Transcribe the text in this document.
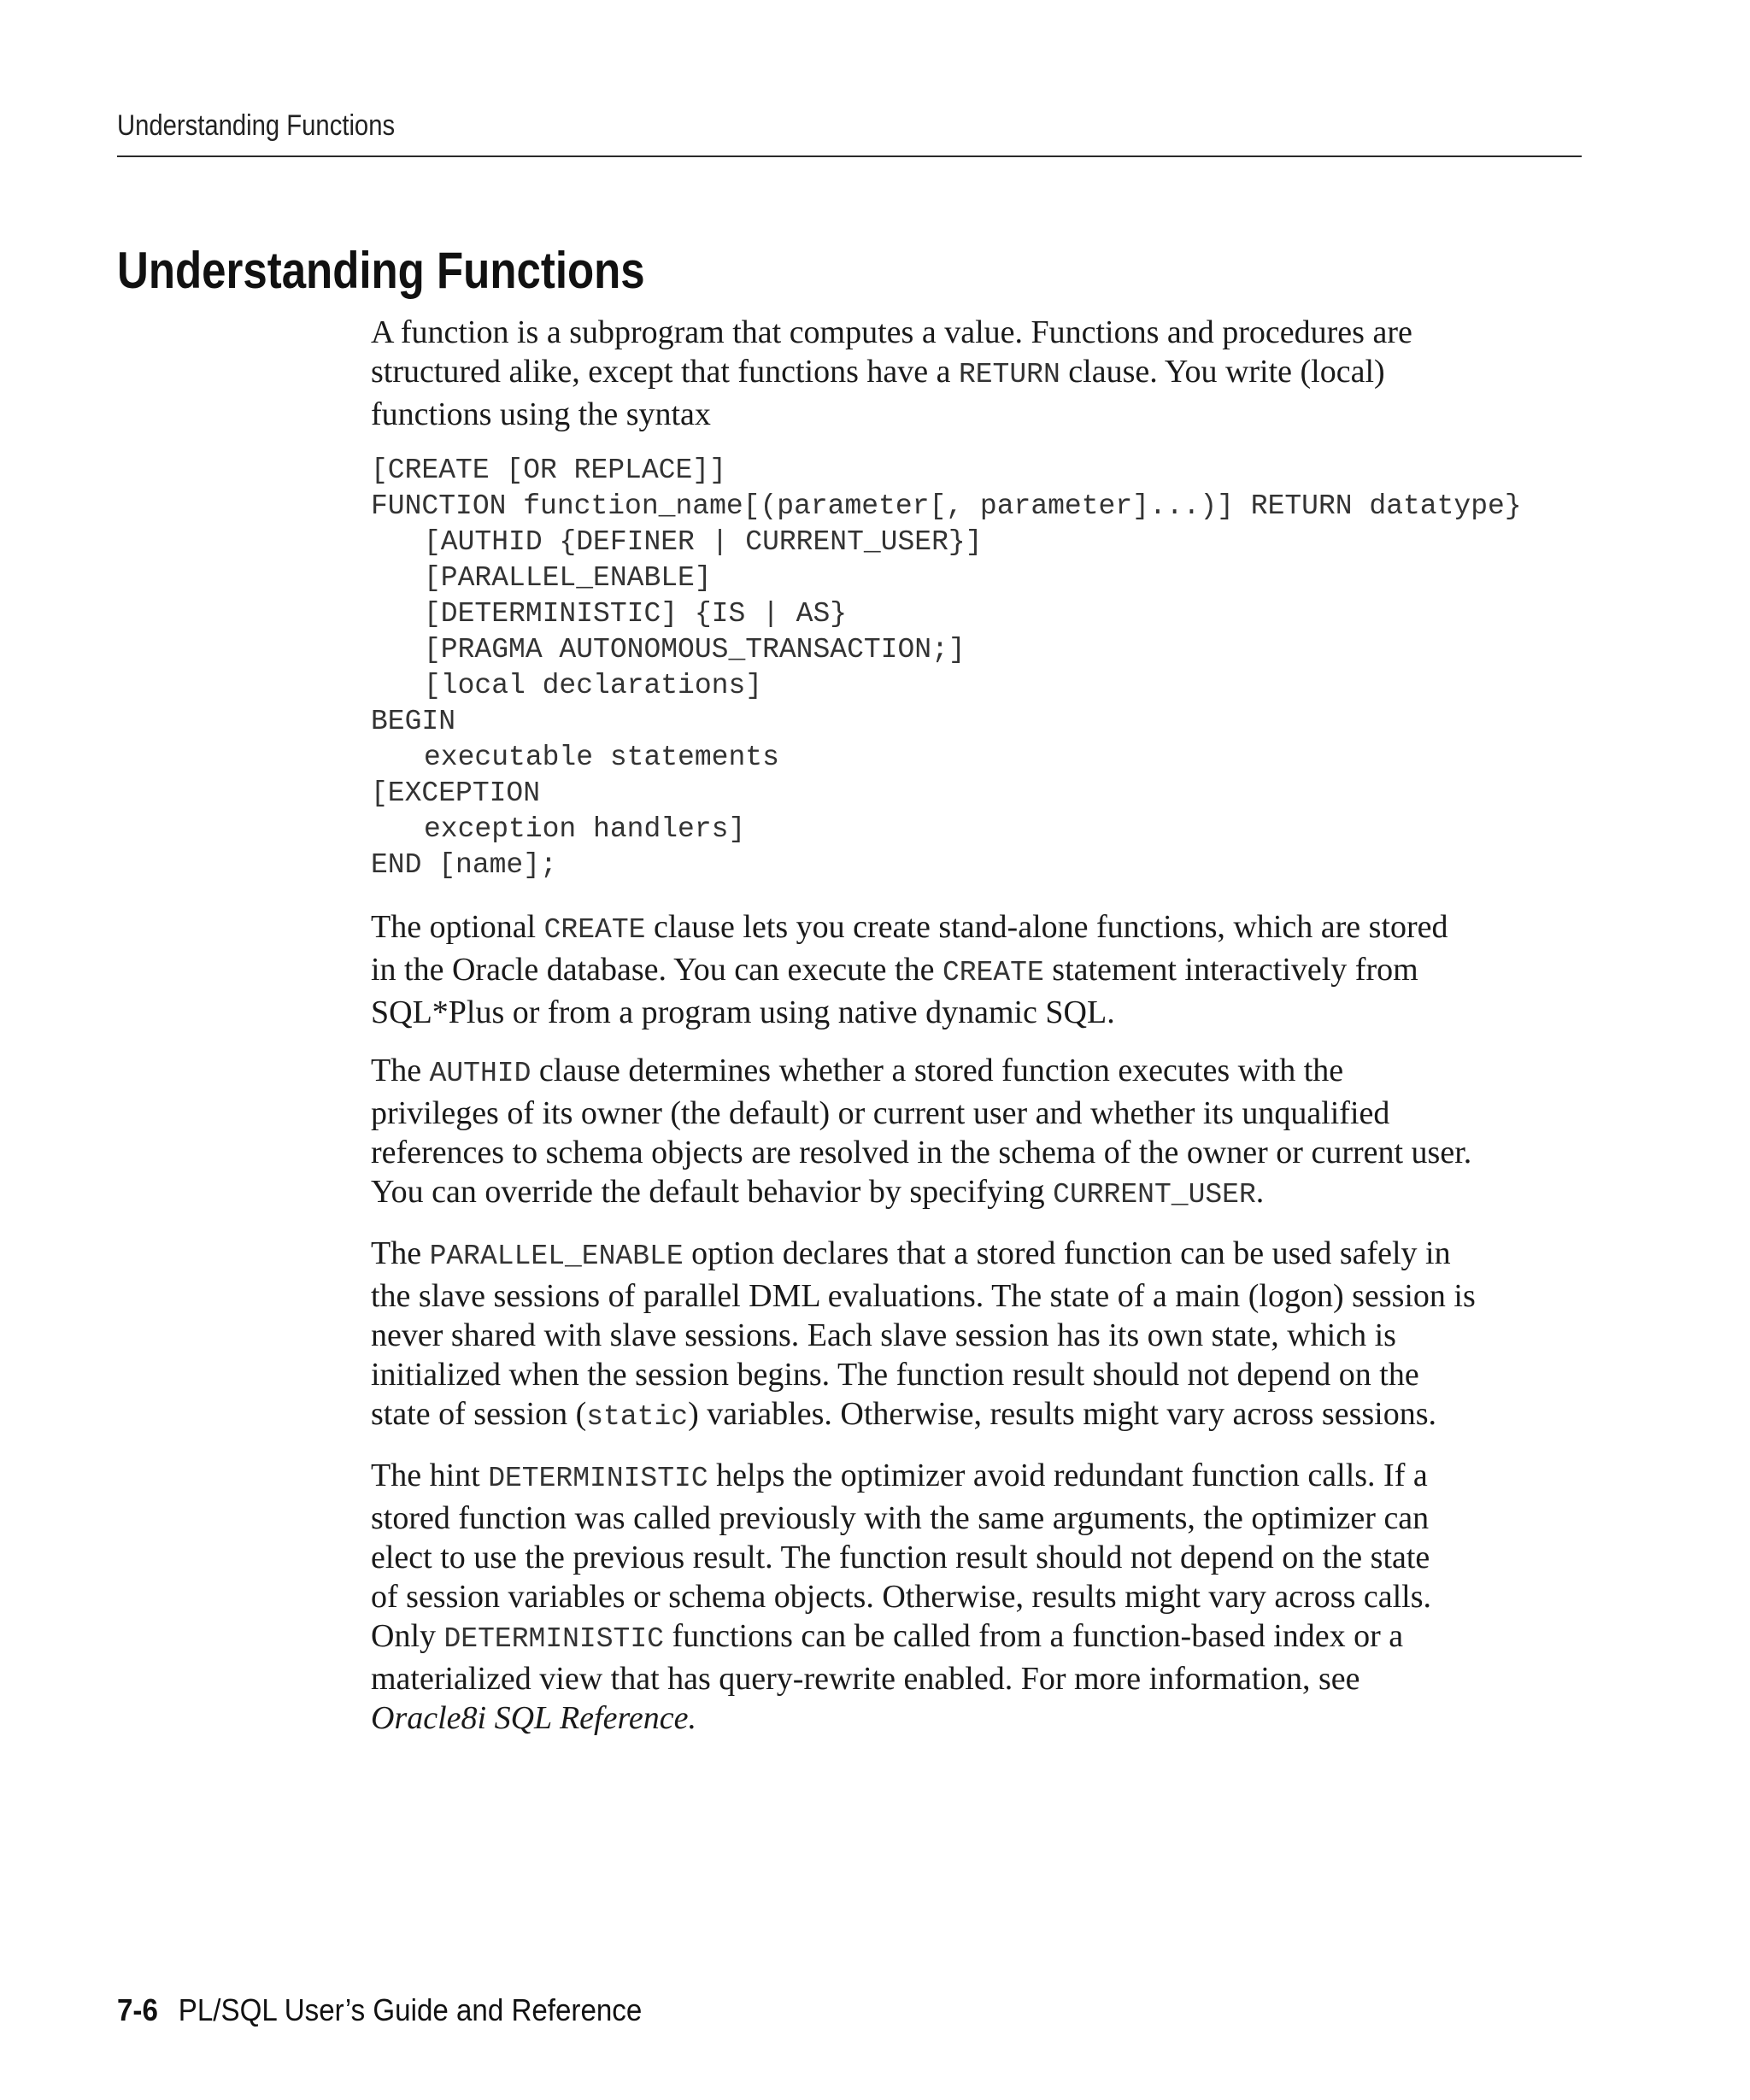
Understanding Functions
Understanding Functions

A function is a subprogram that computes a value. Functions and procedures are
structured alike, except that functions have a RETURN clause. You write (local)
functions using the syntax

[CREATE [OR REPLACE]]
FUNCTION function_name[(parameter[, parameter]...)] RETURN datatype}
[AUTHID {DEFINER | CURRENT_USER}]
[PARALLEL_ENABLE]
[DETERMINISTIC] {IS | AS}
[PRAGMA AUTONOMOUS_TRANSACTION;]
[local declarations]
BEGIN
executable statements
[EXCEPTION
exception handlers]
END [name];

The optional CREATE clause lets you create stand-alone functions, which are stored
in the Oracle database. You can execute the CREATE statement interactively from
SQL*Plus or from a program using native dynamic SQL.

The AUTHID clause determines whether a stored function executes with the
privileges of its owner (the default) or current user and whether its unqualified
references to schema objects are resolved in the schema of the owner or current user.
You can override the default behavior by specifying CURRENT_USER.

The PARALLEL_ENABLE option declares that a stored function can be used safely in
the slave sessions of parallel DML evaluations. The state of a main (logon) session is
never shared with slave sessions. Each slave session has its own state, which is
initialized when the session begins. The function result should not depend on the
state of session (static) variables. Otherwise, results might vary across sessions.

The hint DETERMINISTIC helps the optimizer avoid redundant function calls. If a
stored function was called previously with the same arguments, the optimizer can
elect to use the previous result. The function result should not depend on the state
of session variables or schema objects. Otherwise, results might vary across calls.
Only DETERMINISTIC functions can be called from a function-based index or a
materialized view that has query-rewrite enabled. For more information, see
Oracle8i SQL Reference.

7-6 PL/SQL User’s Guide and Reference
